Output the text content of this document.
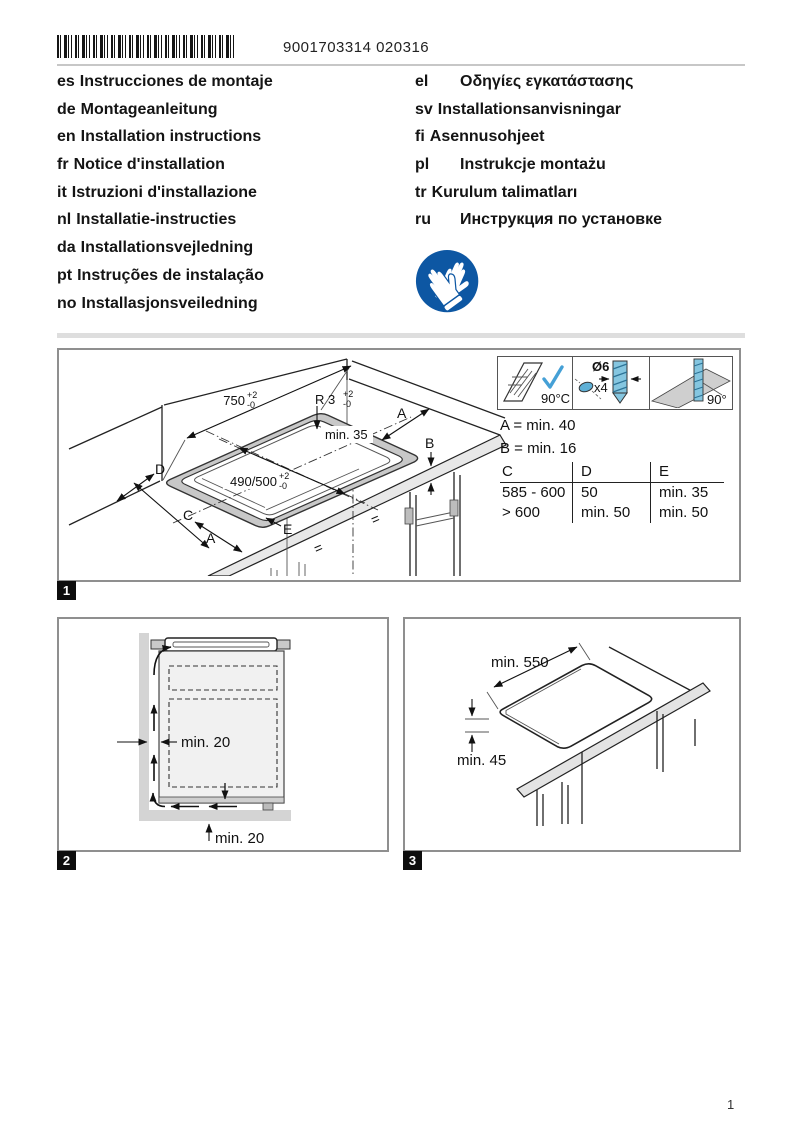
9001703314 020316
es Instrucciones de montaje
de Montageanleitung
en Installation instructions
fr Notice d'installation
it Istruzioni d'installazione
nl Installatie-instructies
da Installationsvejledning
pt Instruções de instalação
no Installasjonsveiledning
el Οδηγίες εγκατάστασης
sv Installationsanvisningar
fi Asennusohjeet
pl Instrukcje montażu
tr Kurulum talimatları
ru Инструкция по установке
750 +2
-0	R 3 +2
-0
min. 35
A
B
D
C
A
E
490/500 +2
-0
=
=
90°C
Ø6
x4
90°
A = min. 40
B = min. 16
C	D	E
585 - 600	50	min. 35
> 600	min. 50	min. 50
1
min. 20
min. 20
2
min. 550
min. 45
3
1
